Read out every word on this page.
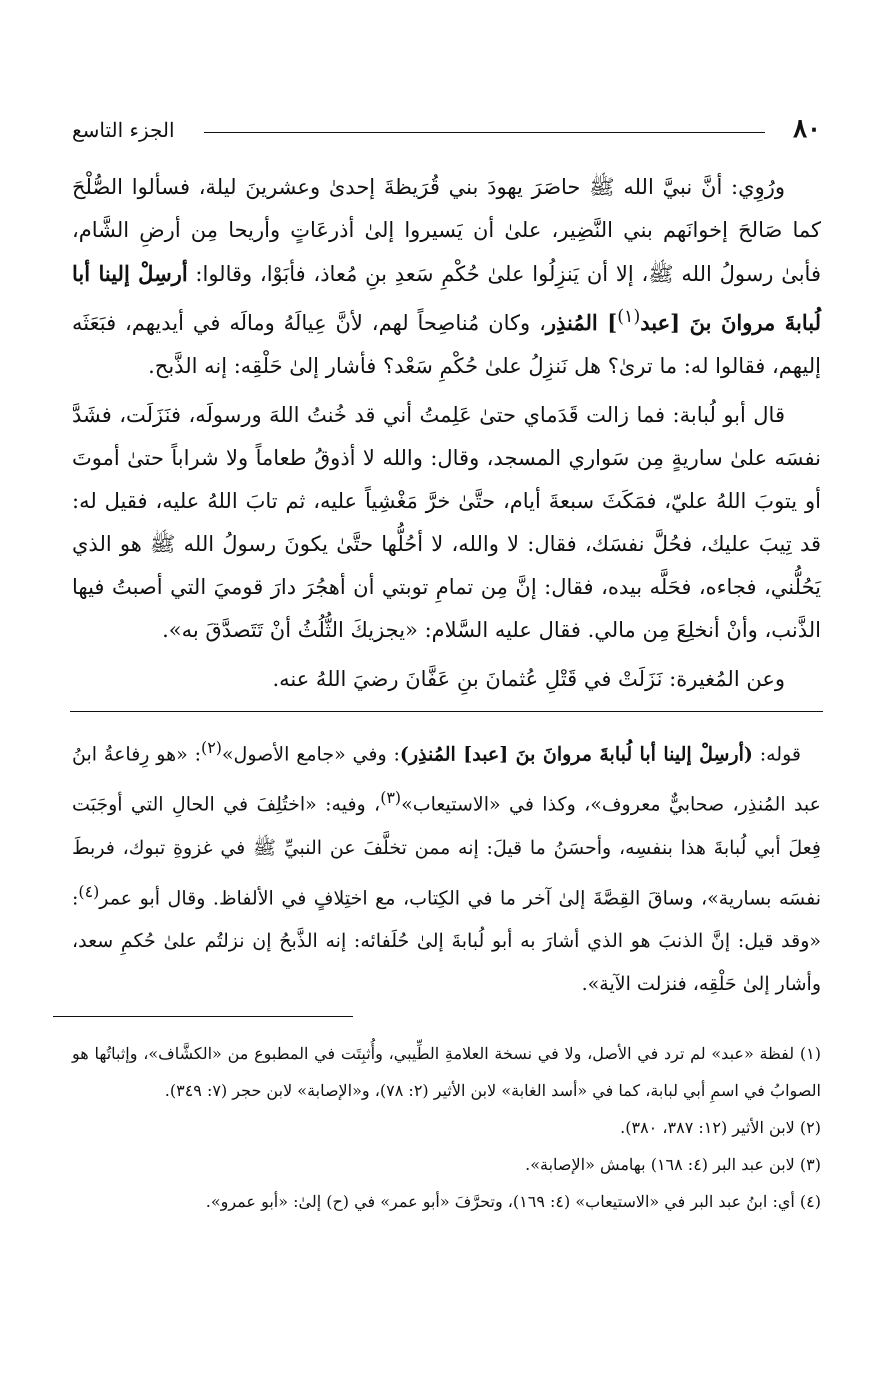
٨٠
الجزء التاسع

ورُوِي: أنَّ نبيَّ الله ﷺ حاصَرَ يهودَ بني قُرَيظةَ إحدىٰ وعشرينَ ليلة، فسألوا الصُّلْحَ كما صَالحَ إخوانَهم بني النَّضِير، علىٰ أن يَسيروا إلىٰ أذرعَاتٍ وأريحا مِن أرضِ الشَّام، فأبىٰ رسولُ الله ﷺ، إلا أن يَنزِلُوا علىٰ حُكْمِ سَعدِ بنِ مُعاذ، فأبَوْا، وقالوا: أرسِلْ إلينا أبا لُبابةَ مروانَ بنَ [عبد$^{(١)}$] المُنذِر، وكان مُناصِحاً لهم، لأنَّ عِيالَهُ ومالَه في أيديهم، فبَعَثَه إليهم، فقالوا له: ما ترىٰ؟ هل نَنزِلُ علىٰ حُكْمِ سَعْد؟ فأشار إلىٰ حَلْقِه: إنه الذَّبح.

قال أبو لُبابة: فما زالت قَدَماي حتىٰ عَلِمتُ أني قد خُنتُ اللهَ ورسولَه، فنَزَلَت، فشَدَّ نفسَه علىٰ ساريةٍ مِن سَواري المسجد، وقال: والله لا أذوقُ طعاماً ولا شراباً حتىٰ أموتَ أو يتوبَ اللهُ عليّ، فمَكَثَ سبعةَ أيام، حتَّىٰ خرَّ مَغْشِياً عليه، ثم تابَ اللهُ عليه، فقيل له: قد تِيبَ عليك، فحُلَّ نفسَك، فقال: لا والله، لا أحُلُّها حتَّىٰ يكونَ رسولُ الله ﷺ هو الذي يَحُلُّني، فجاءه، فحَلَّه بيده، فقال: إنَّ مِن تمامِ توبتي أن أهجُرَ دارَ قوميَ التي أصبتُ فيها الذَّنب، وأنْ أنخلِعَ مِن مالي. فقال عليه السَّلام: «يجزيكَ الثُّلُثُ أنْ تَتَصدَّقَ به».

وعن المُغيرة: نَزَلَتْ في قَتْلِ عُثمانَ بنِ عَفَّانَ رضيَ اللهُ عنه.

قوله: (أرسِلْ إلينا أبا لُبابةَ مروانَ بنَ [عبد] المُنذِر): وفي «جامع الأصول»$^{(٢)}$: «هو رِفاعةُ ابنُ عبد المُنذِر، صحابيٌّ معروف»، وكذا في «الاستيعاب»$^{(٣)}$، وفيه: «اختُلِفَ في الحالِ التي أوجَبَت فِعلَ أبي لُبابةَ هذا بنفسِه، وأحسَنُ ما قيلَ: إنه ممن تخلَّفَ عن النبيِّ ﷺ في غزوةِ تبوك، فربطَ نفسَه بسارية»، وساقَ القِصَّةَ إلىٰ آخر ما في الكِتاب، مع اختِلافٍ في الألفاظ. وقال أبو عمر$^{(٤)}$: «وقد قيل: إنَّ الذنبَ هو الذي أشارَ به أبو لُبابةَ إلىٰ حُلَفائه: إنه الذَّبحُ إن نزلتُم علىٰ حُكمِ سعد، وأشار إلىٰ حَلْقِه، فنزلت الآية».

(١) لفظة «عبد» لم ترد في الأصل، ولا في نسخة العلامةِ الطِّيبي، وأُثبِتَت في المطبوع من «الكشَّاف»، وإثباتُها هو الصوابُ في اسمِ أبي لبابة، كما في «أسد الغابة» لابن الأثير (٢: ٧٨)، و«الإصابة» لابن حجر (٧: ٣٤٩).

(٢) لابن الأثير (١٢: ٣٨٧، ٣٨٠).

(٣) لابن عبد البر (٤: ١٦٨) بهامش «الإصابة».

(٤) أي: ابنُ عبد البر في «الاستيعاب» (٤: ١٦٩)، وتحرَّفَ «أبو عمر» في (ح) إلىٰ: «أبو عمرو».
